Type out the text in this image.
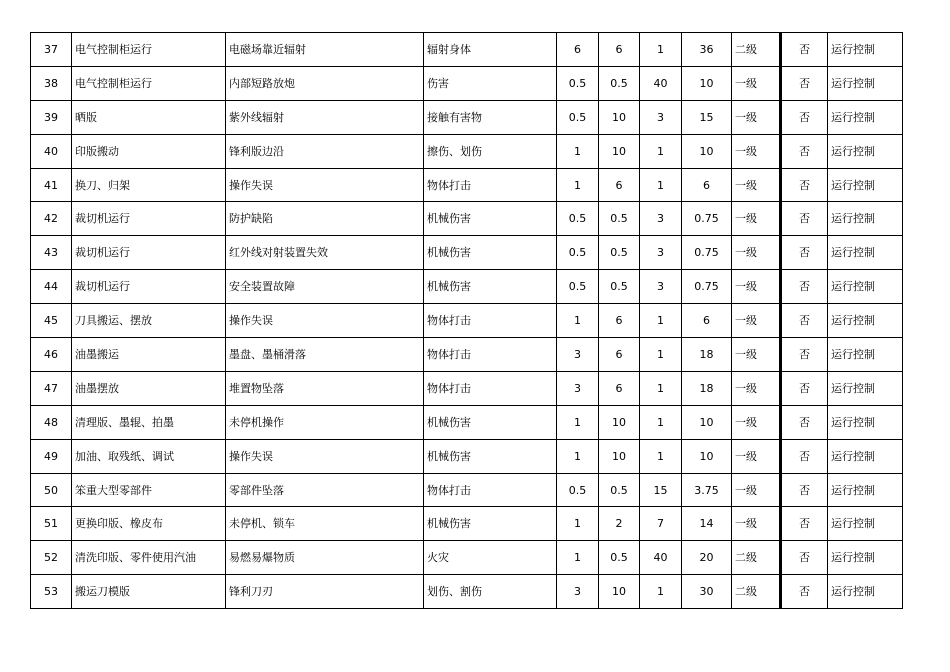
37	电气控制柜运行	电磁场靠近辐射	辐射身体	6	6	1	36	二级	否	运行控制
38	电气控制柜运行	内部短路放炮	伤害	0.5	0.5	40	10	一级	否	运行控制
39	晒版	紫外线辐射	接触有害物	0.5	10	3	15	一级	否	运行控制
40	印版搬动	锋利版边沿	擦伤、划伤	1	10	1	10	一级	否	运行控制
41	换刀、归架	操作失误	物体打击	1	6	1	6	一级	否	运行控制
42	裁切机运行	防护缺陷	机械伤害	0.5	0.5	3	0.75	一级	否	运行控制
43	裁切机运行	红外线对射装置失效	机械伤害	0.5	0.5	3	0.75	一级	否	运行控制
44	裁切机运行	安全装置故障	机械伤害	0.5	0.5	3	0.75	一级	否	运行控制
45	刀具搬运、摆放	操作失误	物体打击	1	6	1	6	一级	否	运行控制
46	油墨搬运	墨盘、墨桶滑落	物体打击	3	6	1	18	一级	否	运行控制
47	油墨摆放	堆置物坠落	物体打击	3	6	1	18	一级	否	运行控制
48	清理版、墨辊、拍墨	未停机操作	机械伤害	1	10	1	10	一级	否	运行控制
49	加油、取残纸、调试	操作失误	机械伤害	1	10	1	10	一级	否	运行控制
50	笨重大型零部件	零部件坠落	物体打击	0.5	0.5	15	3.75	一级	否	运行控制
51	更换印版、橡皮布	未停机、锁车	机械伤害	1	2	7	14	一级	否	运行控制
52	清洗印版、零件使用汽油	易燃易爆物质	火灾	1	0.5	40	20	二级	否	运行控制
53	搬运刀模版	锋利刀刃	划伤、割伤	3	10	1	30	二级	否	运行控制
